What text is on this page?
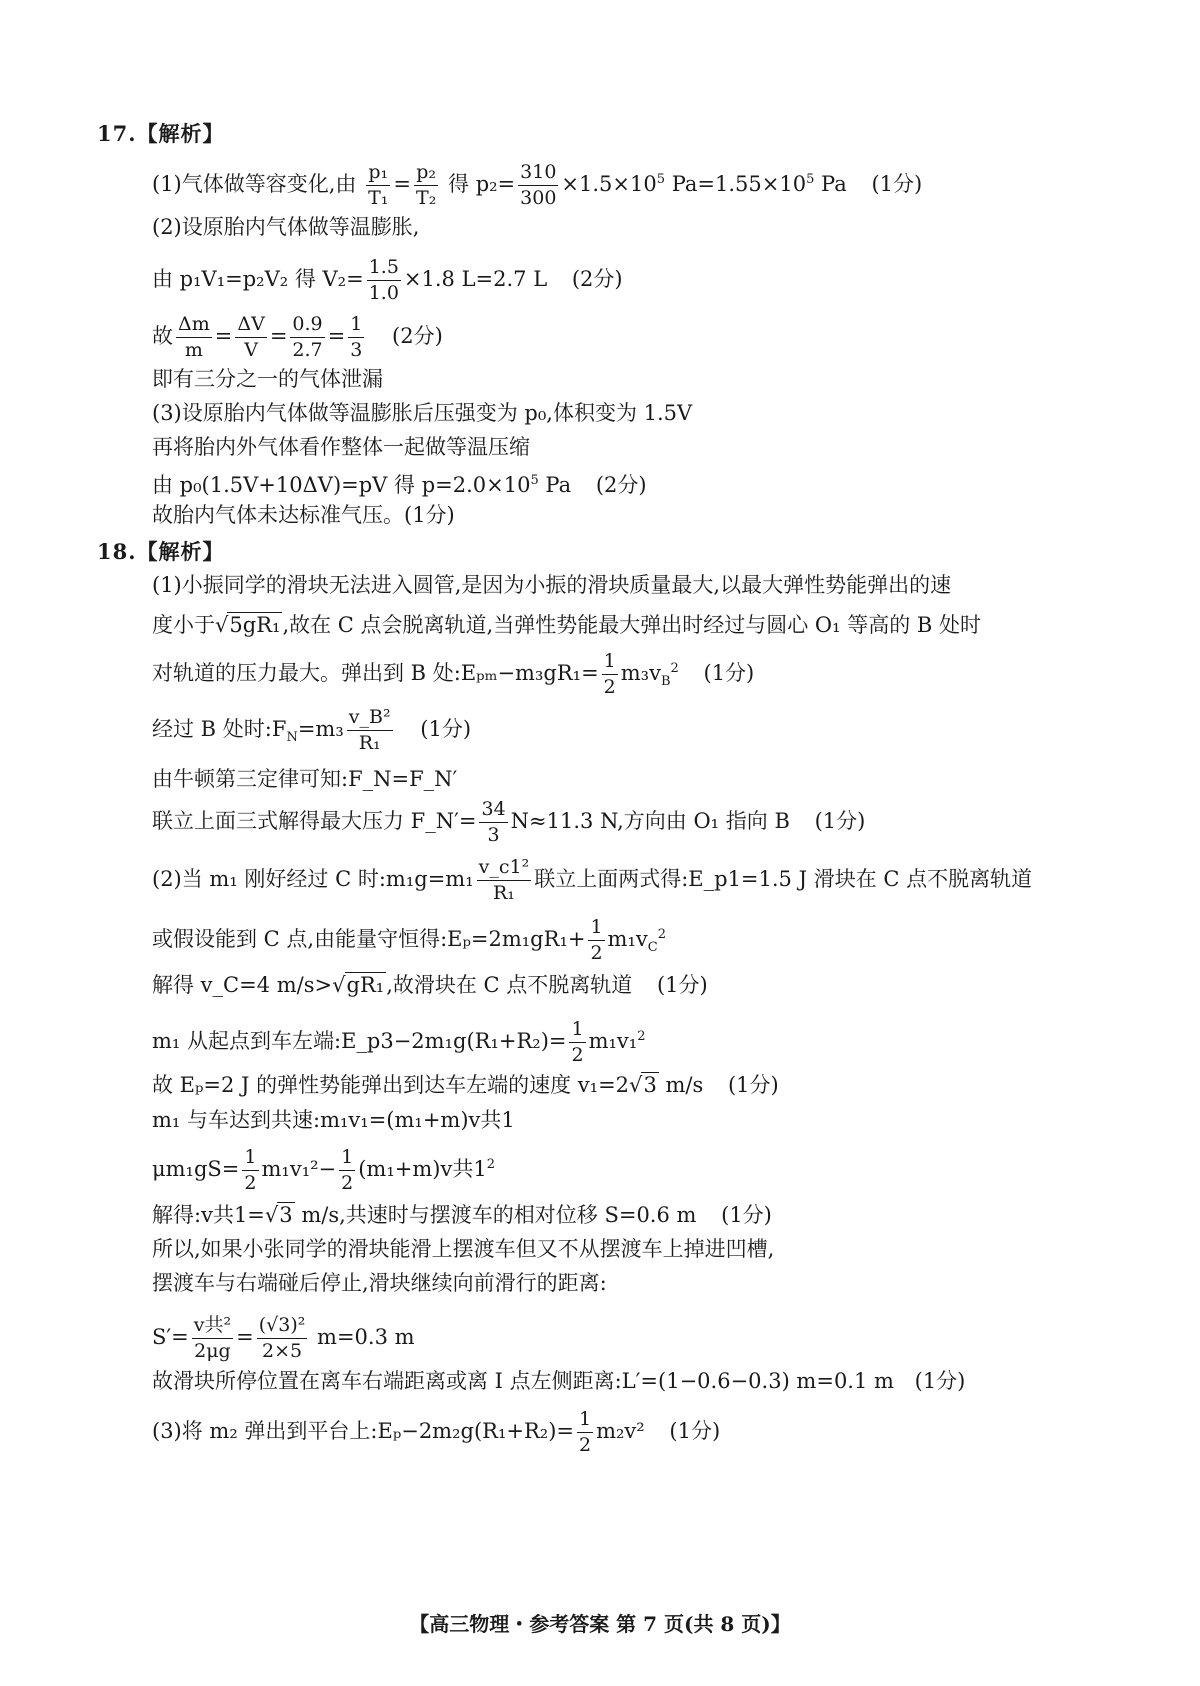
17.【解析】
(1)气体做等容变化,由 $\frac{\text{p₁}}{\text{T₁}} = \frac{\text{p₂}}{\text{T₂}}$ 得 $p_2= \frac{310}{300} \times 1.5\times 10^5$ $Pa=1.55\times 10^5$ Pa (1分)
(2)设原胎内气体做等温膨胀,
由 p₁V₁=p₂V₂ 得 $V_2= \frac{1.5}{1.0} \times 1.8$ L=2.7 L (2分)
故 $\frac{\Delta m}{m} = \frac{\Delta V}{V} = \frac{0.9}{2.7} = \frac{1}{3} (2$分)
即有三分之一的气体泄漏
(3)设原胎内气体做等温膨胀后压强变为 p₀,体积变为 1.5V
再将胎内外气体看作整体一起做等温压缩
由 p₀(1.5V+10ΔV)=pV 得 $p=2.0\times 10^5$ Pa (2分)
故胎内气体未达标准气压。(1分)
18.【解析】
(1)小振同学的滑块无法进入圆管,是因为小振的滑块质量最大,以最大弹性势能弹出的速
度小于√5gR₁,故在 C 点会脱离轨道,当弹性势能最大弹出时经过与圆心 O₁ 等高的 B 处时
对轨道的压力最大。弹出到 B 处:Eₚₘ−m₃gR₁= $\frac{1}{2} m_3v_B^2$ (1分)
经过 B 处时$:F_N=m_3 \frac{\text{v\_B²}}{\text{R₁}} (1$分)
由牛顿第三定律可知:F_N=F_N′
联立上面三式解得最大压力 F_N′= $\frac{34}{3} N\approx 11.3$ N,方向由 O₁ 指向 B (1分)
(2)当 m₁ 刚好经过 C 时:m₁g=m₁ $\frac{\text{v\_c1²}}{\text{R₁}}$ 联立上面两式得:E_p1=1.5 J 滑块在 C 点不脱离轨道
或假设能到 C 点,由能量守恒得:Eₚ=2m₁gR₁+ $\frac{1}{2} m_1v_C^2$
解得 v_C=4 m/s>√gR₁,故滑块在 C 点不脱离轨道 (1分)
m₁ 从起点到车左端:E_p3−2m₁g(R₁+R₂)= $\frac{1}{2} m_1v_1^2$
故 Eₚ=2 J 的弹性势能弹出到达车左端的速度 v₁=2√3 m/s (1分)
m₁ 与车达到共速:m₁v₁=(m₁+m)v共1
$\mu m_1gS= \frac{1}{2} m_1v_1^2- \frac{1}{2} (m_1+m)v$共$1^2$
解得:v共1=√3 m/s,共速时与摆渡车的相对位移 S=0.6 m (1分)
所以,如果小张同学的滑块能滑上摆渡车但又不从摆渡车上掉进凹槽,
摆渡车与右端碰后停止,滑块继续向前滑行的距离:
$S'= \frac{\text{v共²}}{2\mu g} = \frac{\text{(√3)²}}{2\times 5} m=0.3$ m
故滑块所停位置在离车右端距离或离 I 点左侧距离:L′=(1−0.6−0.3) m=0.1 m (1分)
(3)将 m₂ 弹出到平台上:Eₚ−2m₂g(R₁+R₂)= $\frac{1}{2} m_2v^2$ (1分)
【高三物理・参考答案 第 7 页(共 8 页)】
